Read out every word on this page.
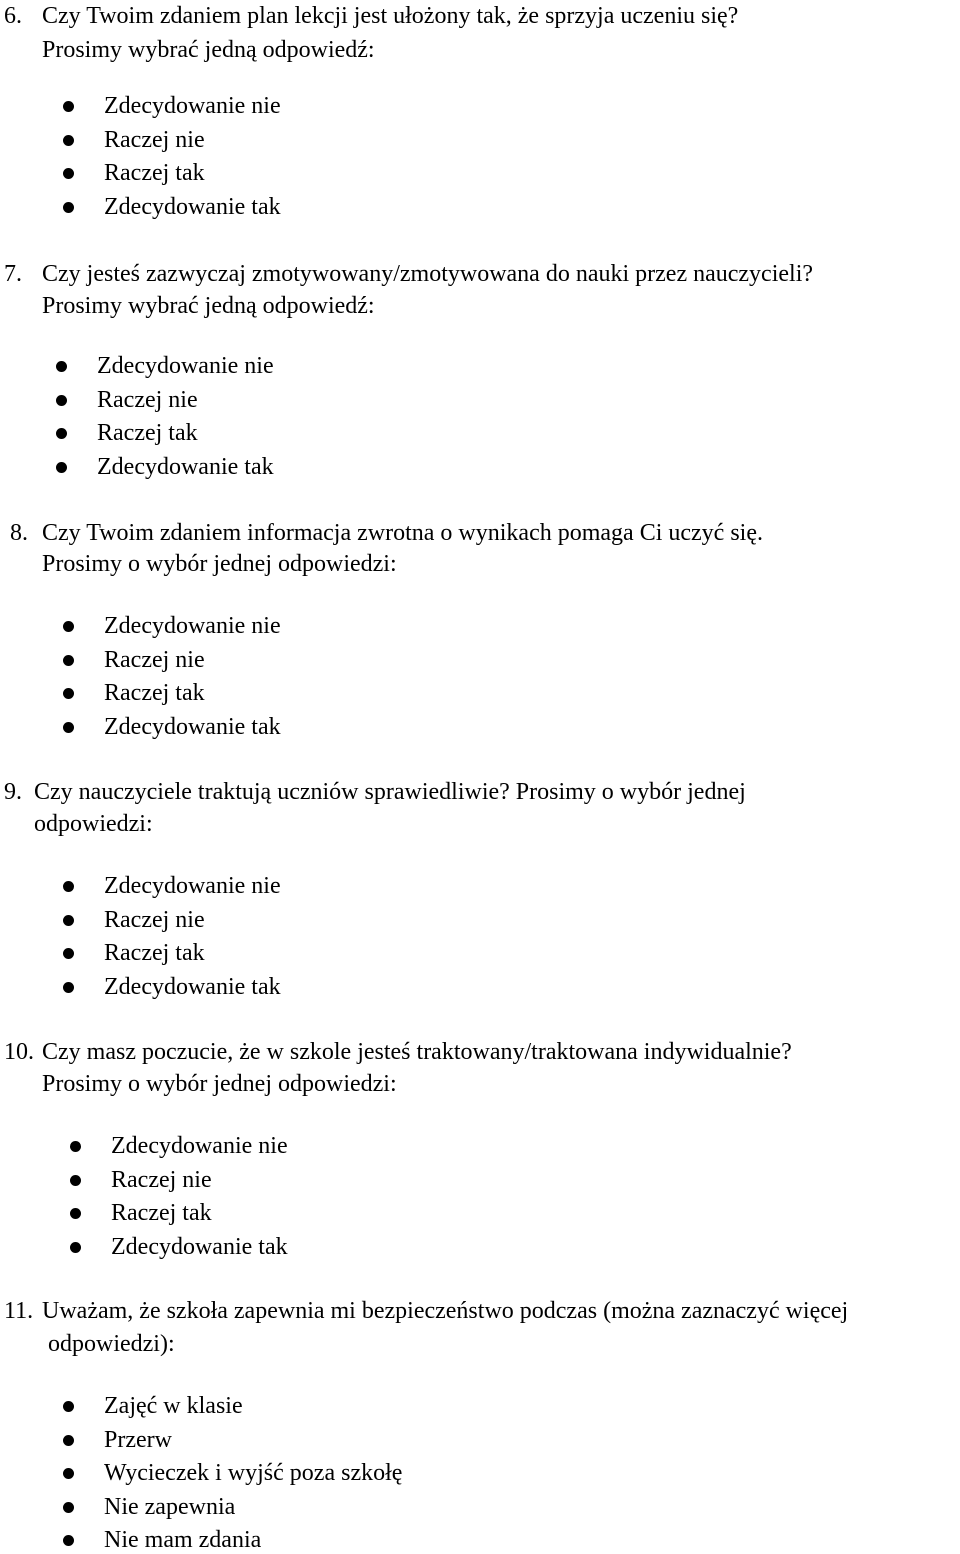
6. Czy Twoim zdaniem plan lekcji jest ułożony tak, że sprzyja uczeniu się?
Prosimy wybrać jedną odpowiedź:
Zdecydowanie nie
Raczej nie
Raczej tak
Zdecydowanie tak
7. Czy jesteś zazwyczaj zmotywowany/zmotywowana do nauki przez nauczycieli?
Prosimy wybrać jedną odpowiedź:
Zdecydowanie nie
Raczej nie
Raczej tak
Zdecydowanie tak
8. Czy Twoim zdaniem informacja zwrotna o wynikach pomaga Ci uczyć się.
Prosimy o wybór jednej odpowiedzi:
Zdecydowanie nie
Raczej nie
Raczej tak
Zdecydowanie tak
9. Czy nauczyciele traktują uczniów sprawiedliwie? Prosimy o wybór jednej
odpowiedzi:
Zdecydowanie nie
Raczej nie
Raczej tak
Zdecydowanie tak
10. Czy masz poczucie, że w szkole jesteś traktowany/traktowana indywidualnie?
Prosimy o wybór jednej odpowiedzi:
Zdecydowanie nie
Raczej nie
Raczej tak
Zdecydowanie tak
11. Uważam, że szkoła zapewnia mi bezpieczeństwo podczas (można zaznaczyć więcej
odpowiedzi):
Zajęć w klasie
Przerw
Wycieczek i wyjść poza szkołę
Nie zapewnia
Nie mam zdania
